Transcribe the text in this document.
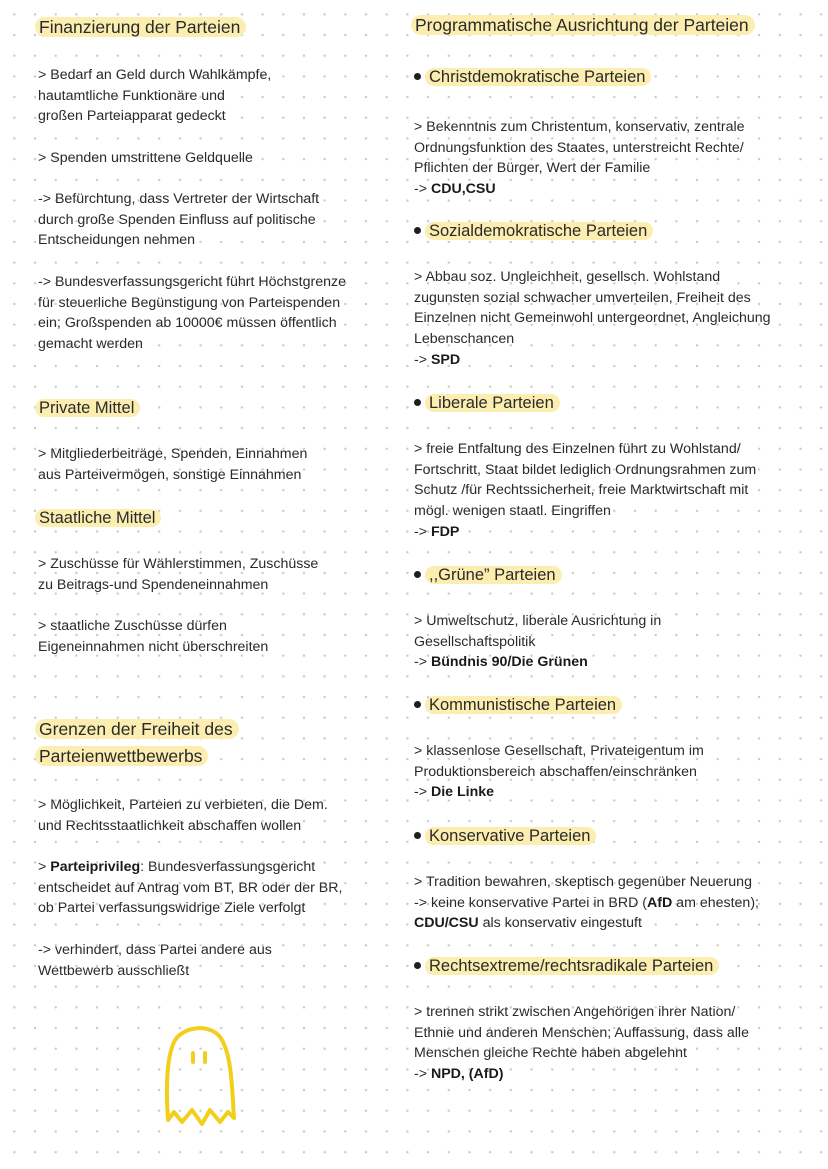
Finanzierung der Parteien

> Bedarf an Geld durch Wahlkämpfe,
hautamtliche Funktionäre und
großen Parteiapparat gedeckt

> Spenden umstrittene Geldquelle

-> Befürchtung, dass Vertreter der Wirtschaft
durch große Spenden Einfluss auf politische
Entscheidungen nehmen

-> Bundesverfassungsgericht führt Höchstgrenze
für steuerliche Begünstigung von Parteispenden
ein; Großspenden ab 10000€ müssen öffentlich
gemacht werden

Private Mittel

> Mitgliederbeiträge, Spenden, Einnahmen
aus Parteivermögen, sonstige Einnahmen

Staatliche Mittel

> Zuschüsse für Wählerstimmen, Zuschüsse
zu Beitrags-und Spendeneinnahmen

> staatliche Zuschüsse dürfen
Eigeneinnahmen nicht überschreiten

Grenzen der Freiheit des
Parteienwettbewerbs

> Möglichkeit, Parteien zu verbieten, die Dem.
und Rechtsstaatlichkeit abschaffen wollen

> Parteiprivileg: Bundesverfassungsgericht
entscheidet auf Antrag vom BT, BR oder der BR,
ob Partei verfassungswidrige Ziele verfolgt

-> verhindert, dass Partei andere aus
Wettbewerb ausschließt

Programmatische Ausrichtung der Parteien
Christdemokratische Parteien

> Bekenntnis zum Christentum, konservativ, zentrale
Ordnungsfunktion des Staates, unterstreicht Rechte/
Pflichten der Bürger, Wert der Familie
-> CDU,CSU

Sozialdemokratische Parteien

> Abbau soz. Ungleichheit, gesellsch. Wohlstand
zugunsten sozial schwacher umverteilen, Freiheit des
Einzelnen nicht Gemeinwohl untergeordnet, Angleichung
Lebenschancen
-> SPD

Liberale Parteien

> freie Entfaltung des Einzelnen führt zu Wohlstand/
Fortschritt, Staat bildet lediglich Ordnungsrahmen zum
Schutz /für Rechtssicherheit, freie Marktwirtschaft mit
mögl. wenigen staatl. Eingriffen
-> FDP

,,Grüne” Parteien

> Umweltschutz, liberale Ausrichtung in
Gesellschaftspolitik
-> Bündnis 90/Die Grünen

Kommunistische Parteien

> klassenlose Gesellschaft, Privateigentum im
Produktionsbereich abschaffen/einschränken
-> Die Linke

Konservative Parteien

> Tradition bewahren, skeptisch gegenüber Neuerung
-> keine konservative Partei in BRD (AfD am ehesten);
CDU/CSU als konservativ eingestuft

Rechtsextreme/rechtsradikale Parteien

> trennen strikt zwischen Angehörigen ihrer Nation/
Ethnie und anderen Menschen; Auffassung, dass alle
Menschen gleiche Rechte haben abgelehnt
-> NPD, (AfD)
